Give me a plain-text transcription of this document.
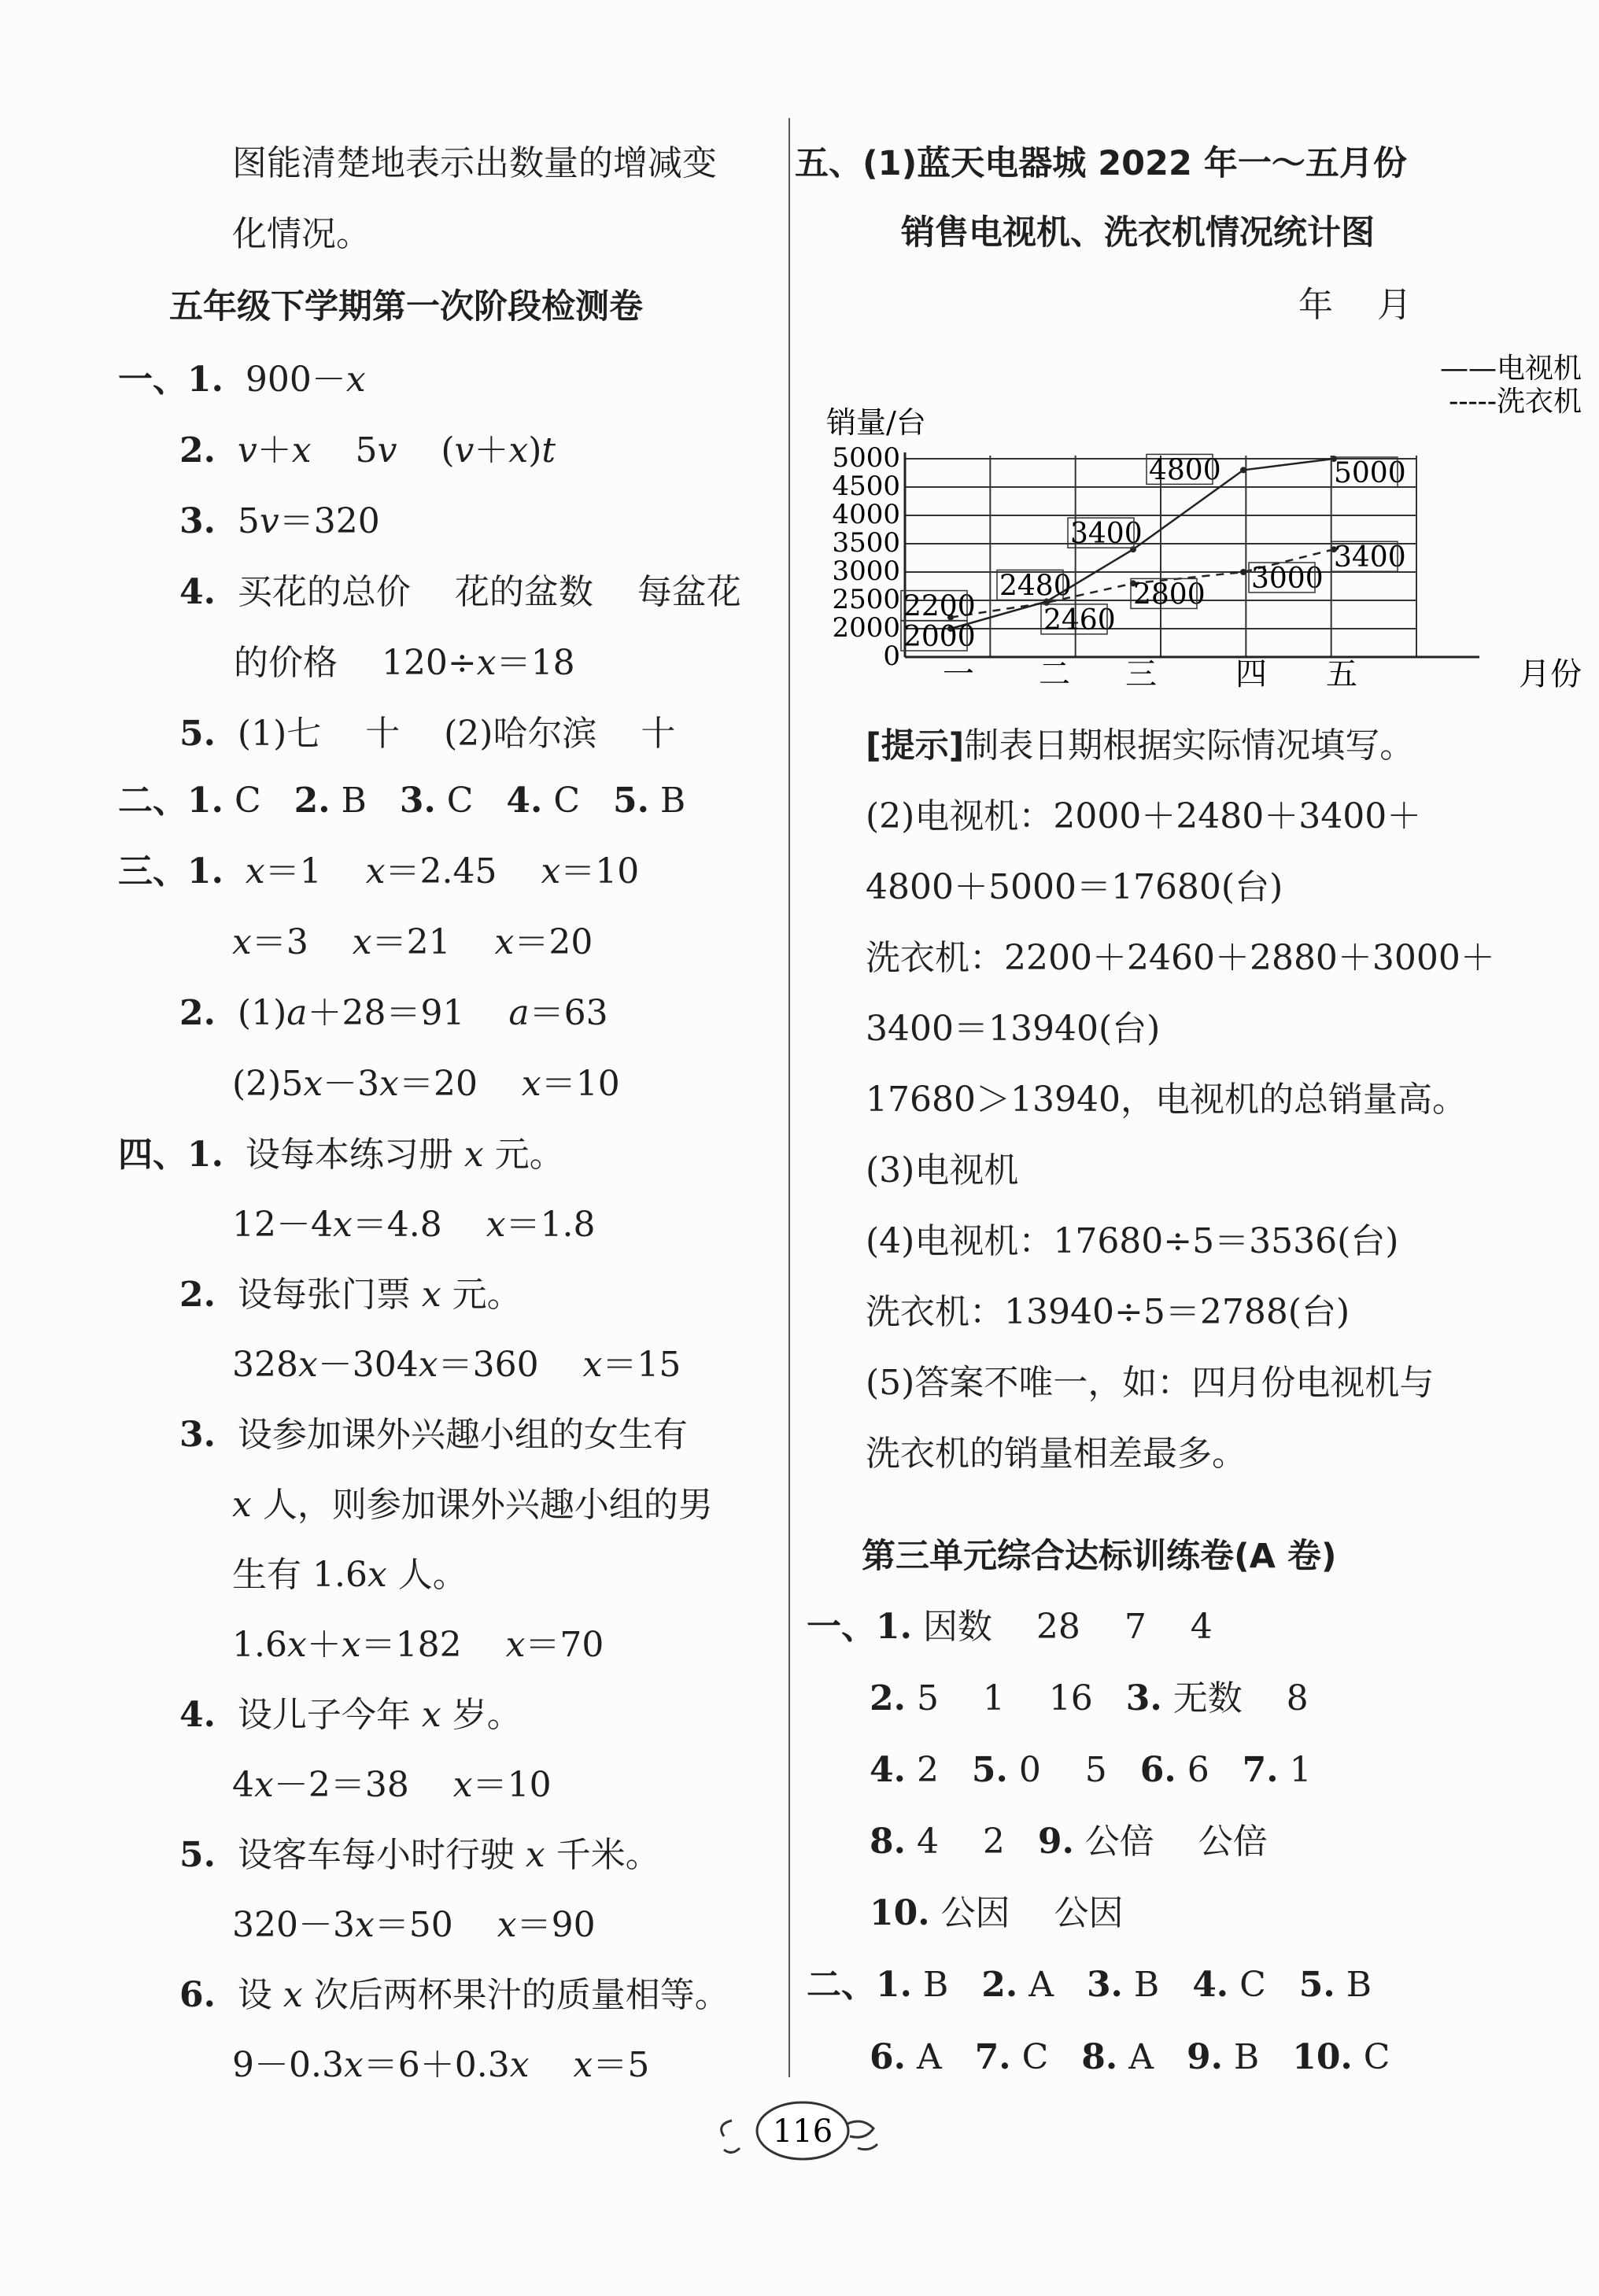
图能清楚地表示出数量的增减变
化情况。
五年级下学期第一次阶段检测卷
一、1. 900－x
2. v＋x    5v    (v＋x)t
3. 5v＝320
4. 买花的总价    花的盆数    每盆花
的价格    120÷x＝18
5. (1)七    十    (2)哈尔滨    十
二、1. C 2. B 3. C 4. C 5. B
三、1. x＝1    x＝2.45    x＝10
x＝3    x＝21    x＝20
2. (1)a＋28＝91    a＝63
(2)5x－3x＝20    x＝10
四、1. 设每本练习册 x 元。
12－4x＝4.8    x＝1.8
2. 设每张门票 x 元。
328x－304x＝360    x＝15
3. 设参加课外兴趣小组的女生有
x 人，则参加课外兴趣小组的男
生有 1.6x 人。
1.6x＋x＝182    x＝70
4. 设儿子今年 x 岁。
4x－2＝38    x＝10
5. 设客车每小时行驶 x 千米。
320－3x＝50    x＝90
6. 设 x 次后两杯果汁的质量相等。
9－0.3x＝6＋0.3x x＝5
0
2000
2500
3000
3500
4000
4500
5000
销量/台
月份
一 二 三	四 五
——电视机
-----洗衣机
2000
2480
3400
4800	5000
2200 2460
2800 3000
3400
116
五、(1)蓝天电器城 2022 年一～五月份
销售电视机、洗衣机情况统计图
年    月
[提示]制表日期根据实际情况填写。
(2)电视机：2000＋2480＋3400＋
4800＋5000＝17680(台)
洗衣机：2200＋2460＋2880＋3000＋
3400＝13940(台)
17680＞13940，电视机的总销量高。
(3)电视机
(4)电视机：17680÷5＝3536(台)
洗衣机：13940÷5＝2788(台)
(5)答案不唯一，如：四月份电视机与
洗衣机的销量相差最多。
第三单元综合达标训练卷(A 卷)
一、1. 因数    28    7    4
2. 5    1    16 3. 无数    8
4. 2 5. 0    5 6. 6 7. 1
8. 4    2 9. 公倍    公倍
10. 公因    公因
二、1. B 2. A 3. B 4. C 5. B
6. A 7. C 8. A 9. B 10. C
